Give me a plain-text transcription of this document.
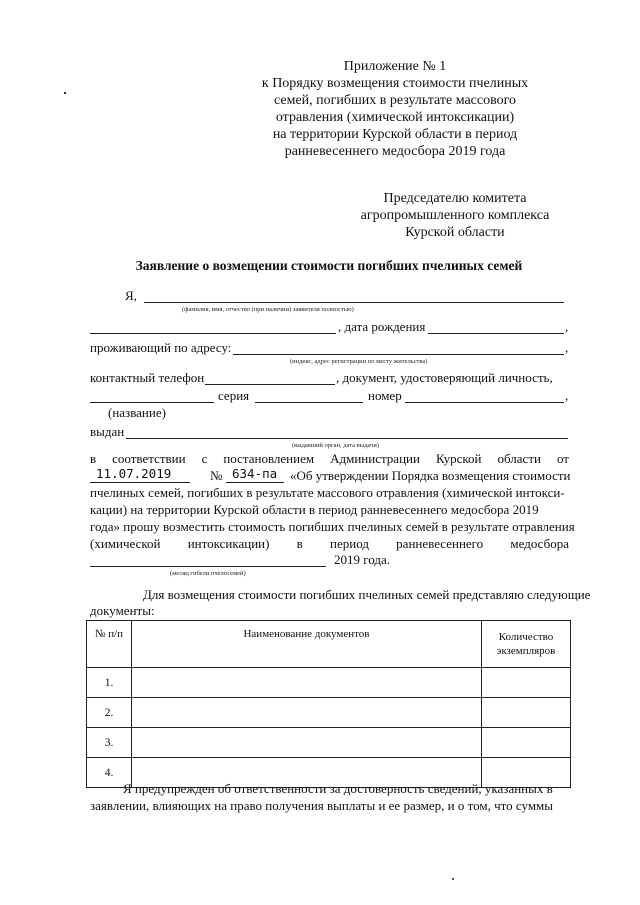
Приложение № 1
к Порядку возмещения стоимости пчелиных
семей, погибших в результате массового
отравления (химической интоксикации)
на территории Курской области в период
ранневесеннего медосбора 2019 года
Председателю комитета
агропромышленного комплекса
Курской области
Заявление о возмещении стоимости погибших пчелиных семей
Я,
(фамилия, имя, отчество (при наличии) заявителя полностью)
, дата рождения	,
проживающий по адресу:	,
(индекс, адрес регистрации по месту жительства)
контактный телефон	, документ, удостоверяющий личность,
серия	номер	,
(название)
выдан
(выдавший орган, дата выдачи)
в соответствии с постановлением Администрации Курской области от
11.07.2019	№ 634-па «Об утверждении Порядка возмещения стоимости
пчелиных семей, погибших в результате массового отравления (химической интокси-
кации) на территории Курской области в период ранневесеннего медосбора 2019
года» прошу возместить стоимость погибших пчелиных семей в результате отравления
(химической интоксикации) в период ранневесеннего медосбора
2019 года.
(месяц гибели пчелосемей)
Для возмещения стоимости погибших пчелиных семей представляю следующие
документы:
№ п/п	Наименование документов	Количество экземпляров
1.		
2.		
3.		
4.		
Я предупрежден об ответственности за достоверность сведений, указанных в
заявлении, влияющих на право получения выплаты и ее размер, и о том, что суммы
